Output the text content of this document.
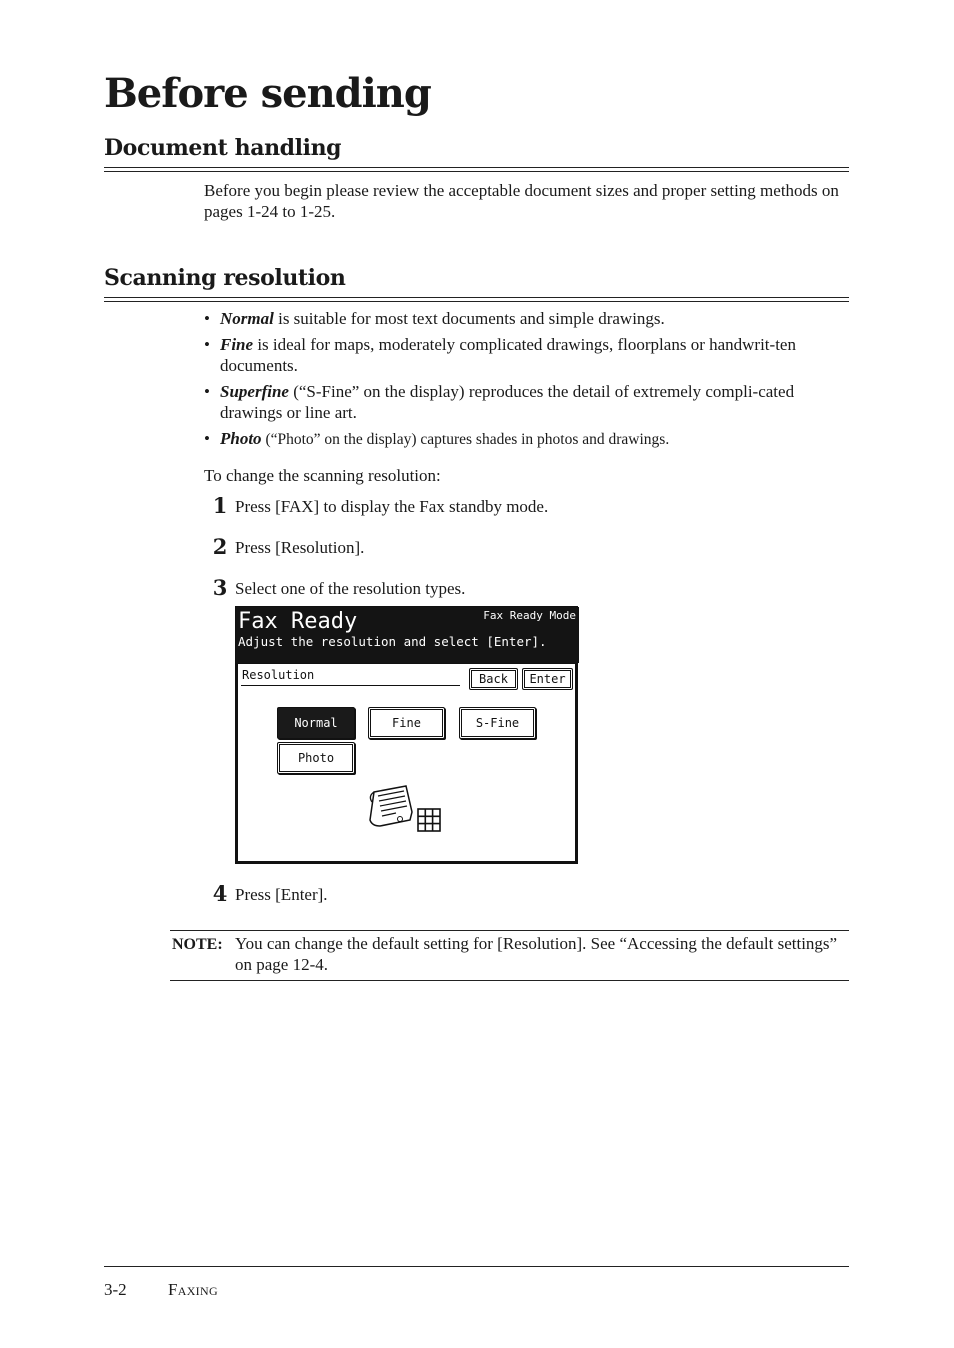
Before sending
Document handling

Before you begin please review the acceptable document sizes and proper setting methods on pages 1-24 to 1-25.

Scanning resolution
• Normal is suitable for most text documents and simple drawings.
• Fine is ideal for maps, moderately complicated drawings, floorplans or handwrit-ten documents.
• Superfine (“S-Fine” on the display) reproduces the detail of extremely compli-cated drawings or line art.
• Photo (“Photo” on the display) captures shades in photos and drawings.

To change the scanning resolution:

1 Press [FAX] to display the Fax standby mode.
2 Press [Resolution].
3 Select one of the resolution types.
Fax Ready	Fax Ready Mode
Adjust the resolution and select [Enter].
Resolution	Back	Enter
Normal	Fine	S-Fine
Photo
4 Press [Enter].
NOTE: You can change the default setting for [Resolution]. See “Accessing the default settings” on page 12-4.

3-2 Faxing
